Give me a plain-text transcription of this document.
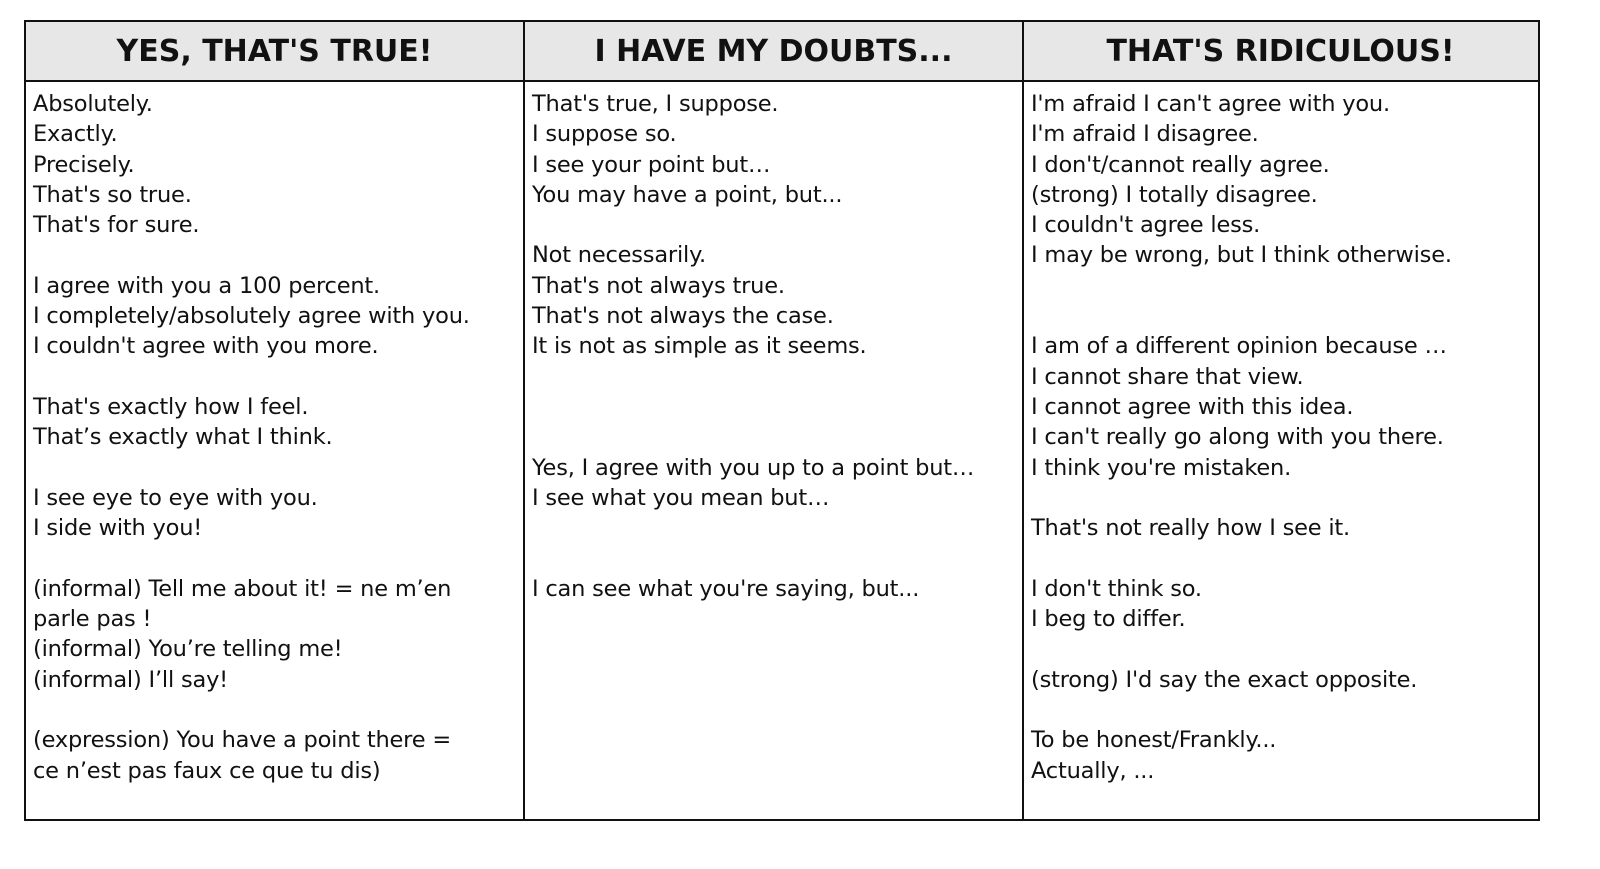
YES, THAT'S TRUE!	I HAVE MY DOUBTS...	THAT'S RIDICULOUS!
Absolutely.
Exactly.
Precisely.
That's so true.
That's for sure.
I agree with you a 100 percent.
I completely/absolutely agree with you.
I couldn't agree with you more.
That's exactly how I feel.
That’s exactly what I think.
I see eye to eye with you.
I side with you!
(informal) Tell me about it! = ne m’en
parle pas !
(informal) You’re telling me!
(informal) I’ll say!
(expression) You have a point there =
ce n’est pas faux ce que tu dis)
That's true, I suppose.
I suppose so.
I see your point but…
You may have a point, but...
Not necessarily.
That's not always true.
That's not always the case.
It is not as simple as it seems.
Yes, I agree with you up to a point but…
I see what you mean but…
I can see what you're saying, but...
I'm afraid I can't agree with you.
I'm afraid I disagree.
I don't/cannot really agree.
(strong) I totally disagree.
I couldn't agree less.
I may be wrong, but I think otherwise.
I am of a different opinion because …
I cannot share that view.
I cannot agree with this idea.
I can't really go along with you there.
I think you're mistaken.
That's not really how I see it.
I don't think so.
I beg to differ.
(strong) I'd say the exact opposite.
To be honest/Frankly...
Actually, ...
